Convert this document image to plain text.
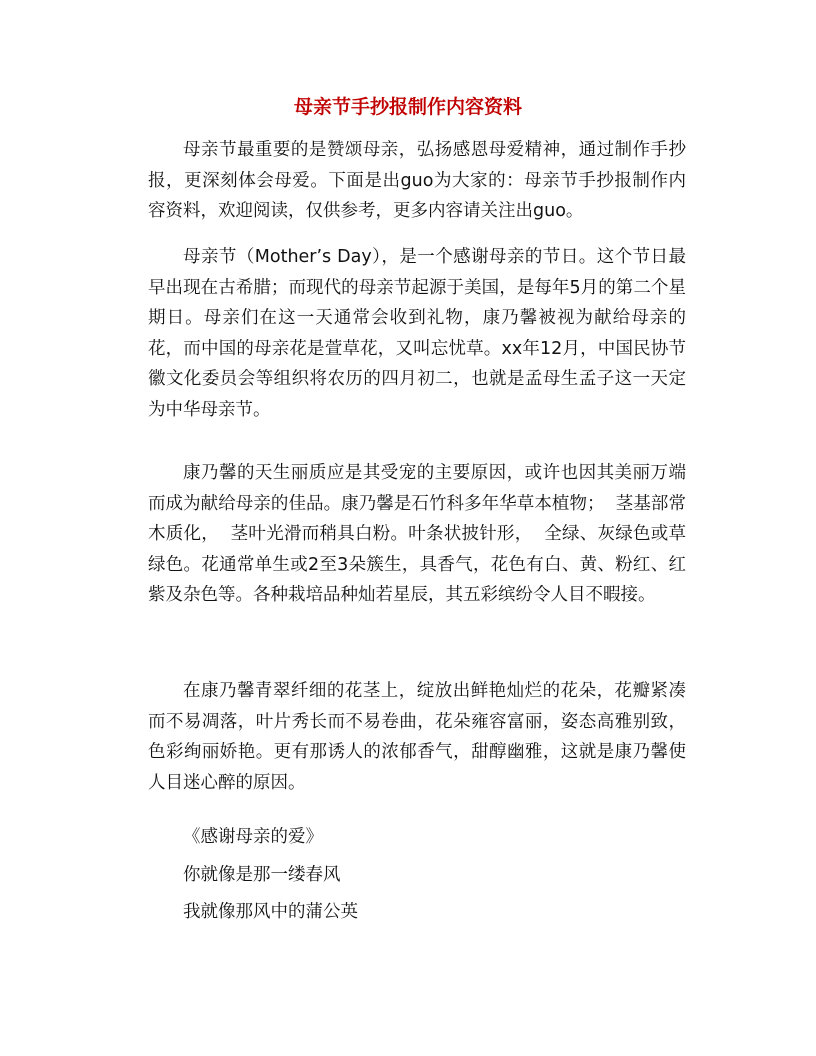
母亲节手抄报制作内容资料

母亲节最重要的是赞颂母亲，弘扬感恩母爱精神，通过制作手抄报，更深刻体会母爱。下面是出guo为大家的：母亲节手抄报制作内容资料，欢迎阅读，仅供参考，更多内容请关注出guo。

母亲节（Mother’s Day），是一个感谢母亲的节日。这个节日最早出现在古希腊；而现代的母亲节起源于美国，是每年5月的第二个星期日。母亲们在这一天通常会收到礼物，康乃馨被视为献给母亲的花，而中国的母亲花是萱草花，又叫忘忧草。xx年12月，中国民协节徽文化委员会等组织将农历的四月初二，也就是孟母生孟子这一天定为中华母亲节。

康乃馨的天生丽质应是其受宠的主要原因，或许也因其美丽万端而成为献给母亲的佳品。康乃馨是石竹科多年华草本植物；  茎基部常木质化，  茎叶光滑而稍具白粉。叶条状披针形，  全绿、灰绿色或草绿色。花通常单生或2至3朵簇生，具香气，花色有白、黄、粉红、红紫及杂色等。各种栽培品种灿若星辰，其五彩缤纷令人目不暇接。

在康乃馨青翠纤细的花茎上，绽放出鲜艳灿烂的花朵，花瓣紧凑而不易凋落，叶片秀长而不易卷曲，花朵雍容富丽，姿态高雅别致，色彩绚丽娇艳。更有那诱人的浓郁香气，甜醇幽雅，这就是康乃馨使人目迷心醉的原因。

《感谢母亲的爱》

你就像是那一缕春风

我就像那风中的蒲公英
